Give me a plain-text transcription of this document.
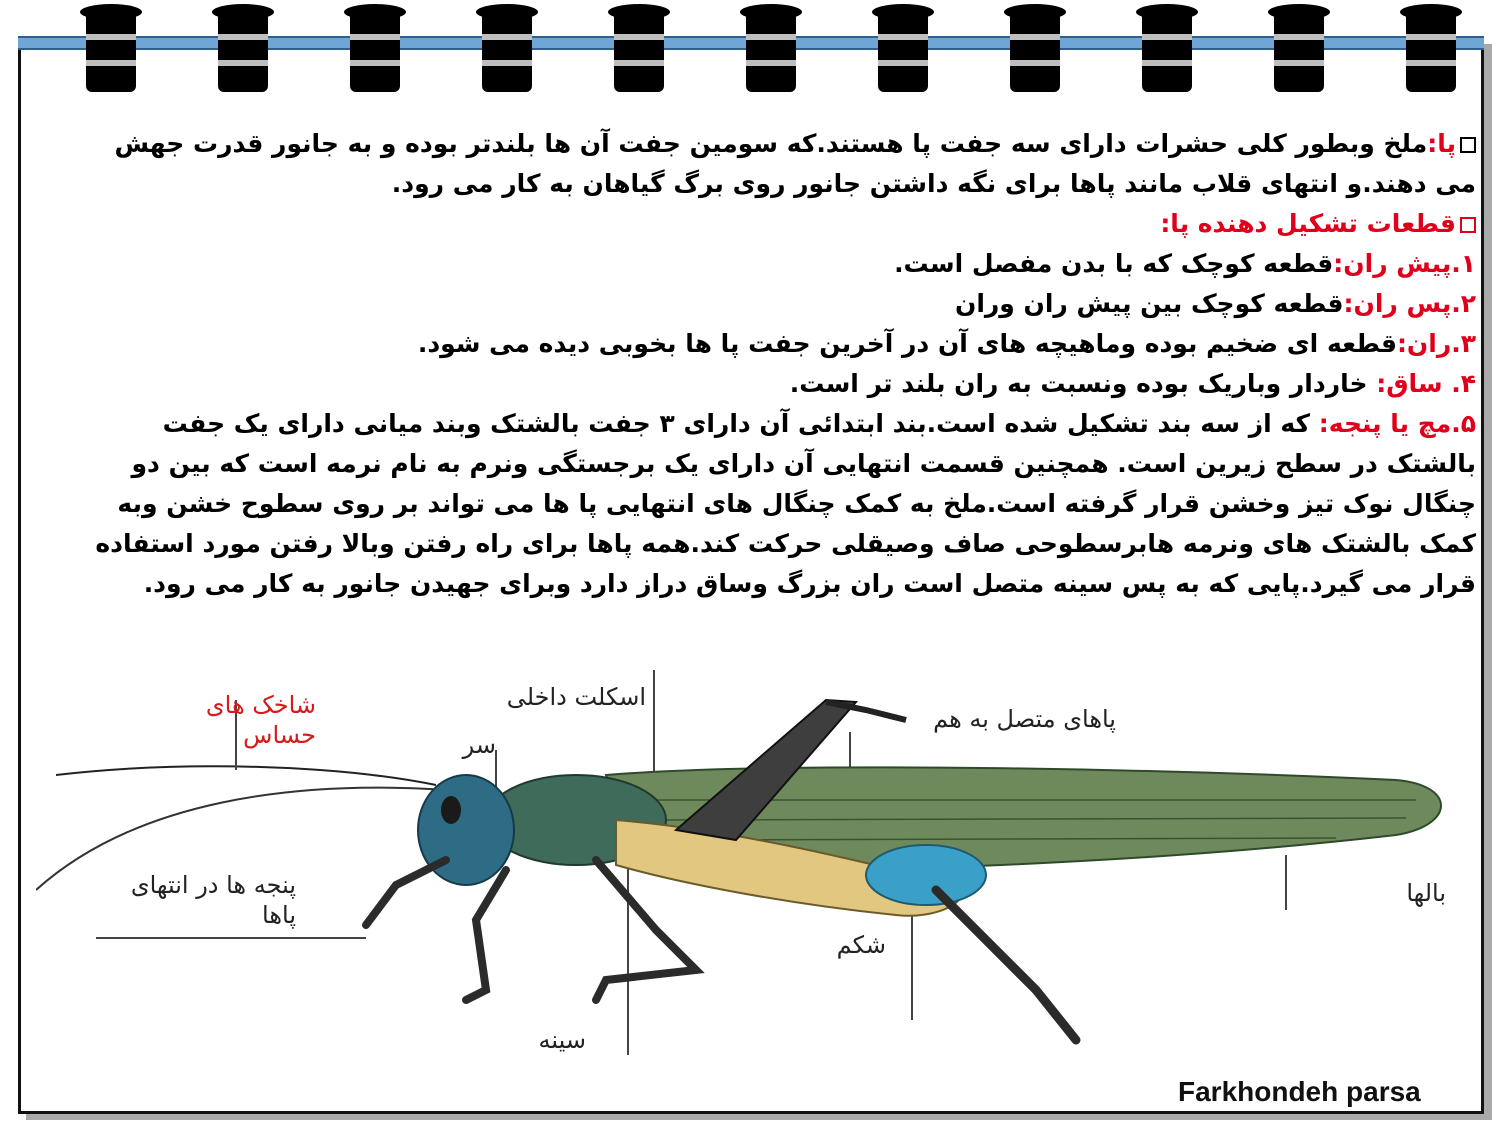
پا:ملخ وبطور کلی حشرات دارای سه جفت پا هستند.که سومین جفت آن ها بلندتر بوده و به جانور قدرت جهش
می دهند.و انتهای قلاب مانند پاها برای نگه داشتن جانور روی برگ گیاهان به کار می رود.
قطعات تشکیل دهنده پا:
۱.پیش ران:قطعه کوچک که با بدن مفصل است.
۲.پس ران:قطعه کوچک بین پیش ران وران
۳.ران:قطعه ای ضخیم بوده وماهیچه های آن در آخرین جفت پا ها بخوبی دیده می شود.
۴. ساق: خاردار وباریک بوده ونسبت به ران بلند تر است.
۵.مچ یا پنجه: که از سه بند تشکیل شده است.بند ابتدائی آن دارای ۳ جفت بالشتک وبند میانی دارای یک جفت
بالشتک در سطح زیرین است. همچنین قسمت انتهایی آن دارای یک برجستگی ونرم به نام نرمه است که بین دو
چنگال نوک تیز وخشن قرار گرفته است.ملخ به کمک چنگال های انتهایی پا ها می تواند بر روی سطوح خشن وبه
کمک بالشتک های ونرمه هابرسطوحی صاف وصیقلی حرکت کند.همه پاها برای راه رفتن وبالا رفتن مورد استفاده
قرار می گیرد.پایی که به پس سینه متصل است ران بزرگ وساق دراز دارد وبرای جهیدن جانور به کار می رود.
شاخک های حساس	سر
اسکلت داخلی
پاهای متصل به هم
پنجه ها در انتهای پاها
شکم
سینه
بالها
Farkhondeh parsa
